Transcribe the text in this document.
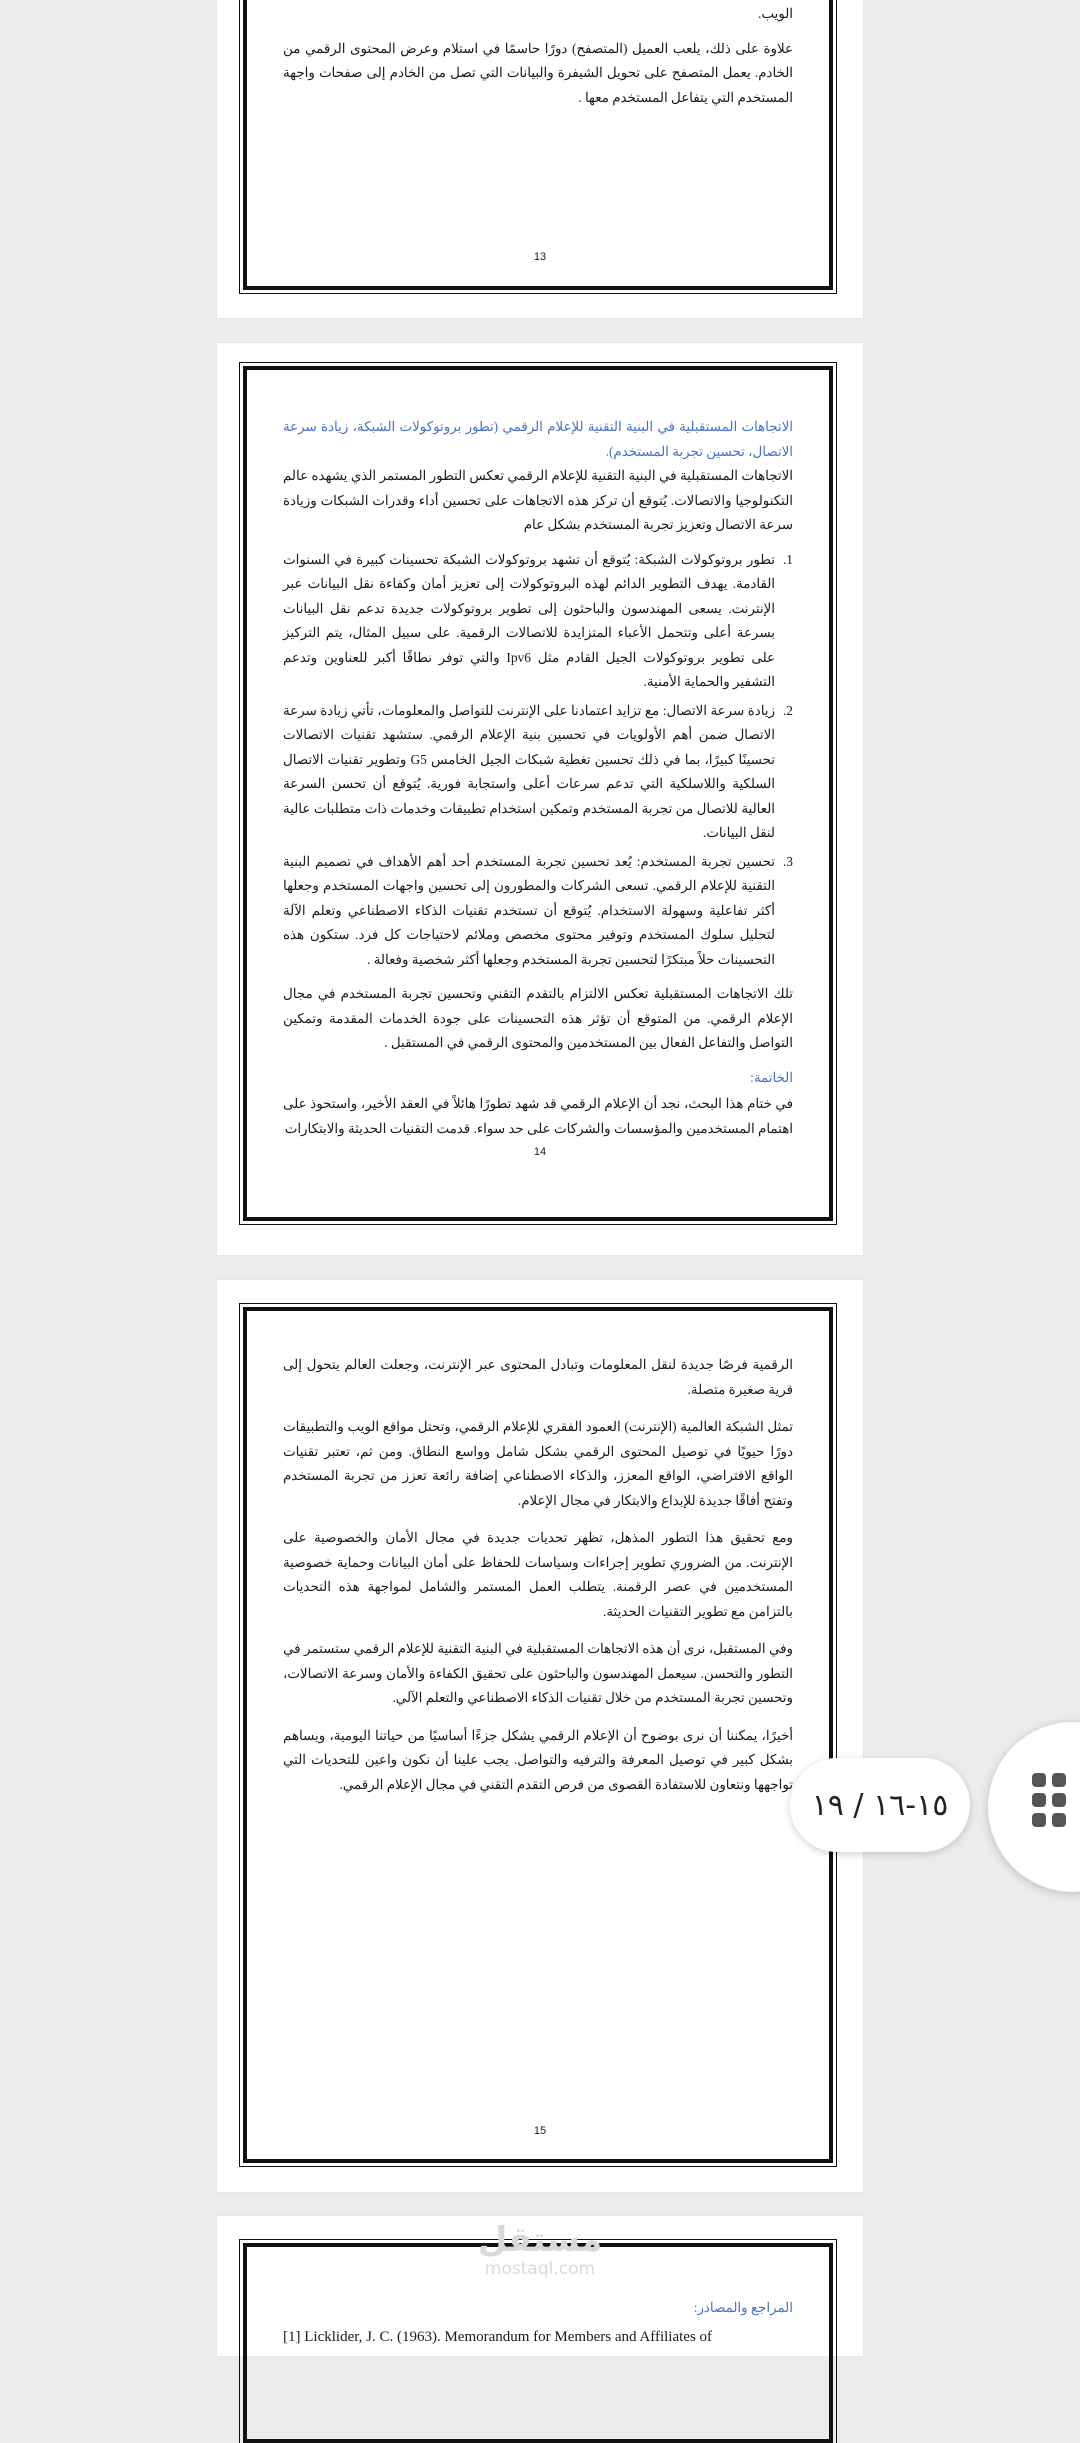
الويب.

علاوة على ذلك، يلعب العميل (المتصفح) دورًا حاسمًا في استلام وعرض المحتوى الرقمي من الخادم. يعمل المتصفح على تحويل الشيفرة والبيانات التي تصل من الخادم إلى صفحات واجهة المستخدم التي يتفاعل المستخدم معها .

13

الاتجاهات المستقبلية في البنية التقنية للإعلام الرقمي (تطور بروتوكولات الشبكة، زيادة سرعة الاتصال، تحسين تجربة المستخدم).

الاتجاهات المستقبلية في البنية التقنية للإعلام الرقمي تعكس التطور المستمر الذي يشهده عالم التكنولوجيا والاتصالات. يُتوقع أن تركز هذه الاتجاهات على تحسين أداء وقدرات الشبكات وزيادة سرعة الاتصال وتعزيز تجربة المستخدم بشكل عام

1.
تطور بروتوكولات الشبكة: يُتوقع أن تشهد بروتوكولات الشبكة تحسينات كبيرة في السنوات القادمة. يهدف التطوير الدائم لهذه البروتوكولات إلى تعزيز أمان وكفاءة نقل البيانات عبر الإنترنت. يسعى المهندسون والباحثون إلى تطوير بروتوكولات جديدة تدعم نقل البيانات بسرعة أعلى وتتحمل الأعباء المتزايدة للاتصالات الرقمية. على سبيل المثال، يتم التركيز على تطوير بروتوكولات الجيل القادم مثل Ipv6 والتي توفر نطاقًا أكبر للعناوين وتدعم التشفير والحماية الأمنية.
2.
زيادة سرعة الاتصال: مع تزايد اعتمادنا على الإنترنت للتواصل والمعلومات، تأتي زيادة سرعة الاتصال ضمن أهم الأولويات في تحسين بنية الإعلام الرقمي. ستشهد تقنيات الاتصالات تحسينًا كبيرًا، بما في ذلك تحسين تغطية شبكات الجيل الخامس G5 وتطوير تقنيات الاتصال السلكية واللاسلكية التي تدعم سرعات أعلى واستجابة فورية. يُتوقع أن تحسن السرعة العالية للاتصال من تجربة المستخدم وتمكين استخدام تطبيقات وخدمات ذات متطلبات عالية لنقل البيانات.
3.
تحسين تجربة المستخدم: يُعد تحسين تجربة المستخدم أحد أهم الأهداف في تصميم البنية التقنية للإعلام الرقمي. تسعى الشركات والمطورون إلى تحسين واجهات المستخدم وجعلها أكثر تفاعلية وسهولة الاستخدام. يُتوقع أن تستخدم تقنيات الذكاء الاصطناعي وتعلم الآلة لتحليل سلوك المستخدم وتوفير محتوى مخصص وملائم لاحتياجات كل فرد. ستكون هذه التحسينات حلاً مبتكرًا لتحسين تجربة المستخدم وجعلها أكثر شخصية وفعالة .

تلك الاتجاهات المستقبلية تعكس الالتزام بالتقدم التقني وتحسين تجربة المستخدم في مجال الإعلام الرقمي. من المتوقع أن تؤثر هذه التحسينات على جودة الخدمات المقدمة وتمكين التواصل والتفاعل الفعال بين المستخدمين والمحتوى الرقمي في المستقبل .

الخاتمة:

في ختام هذا البحث، نجد أن الإعلام الرقمي قد شهد تطورًا هائلاً في العقد الأخير، واستحوذ على اهتمام المستخدمين والمؤسسات والشركات على حد سواء. قدمت التقنيات الحديثة والابتكارات

14

الرقمية فرصًا جديدة لنقل المعلومات وتبادل المحتوى عبر الإنترنت، وجعلت العالم يتحول إلى قرية صغيرة متصلة.

تمثل الشبكة العالمية (الإنترنت) العمود الفقري للإعلام الرقمي، وتحتل مواقع الويب والتطبيقات دورًا حيويًا في توصيل المحتوى الرقمي بشكل شامل وواسع النطاق. ومن ثم، تعتبر تقنيات الواقع الافتراضي، الواقع المعزز، والذكاء الاصطناعي إضافة رائعة تعزز من تجربة المستخدم وتفتح أفاقًا جديدة للإبداع والابتكار في مجال الإعلام.

ومع تحقيق هذا التطور المذهل، تظهر تحديات جديدة في مجال الأمان والخصوصية على الإنترنت. من الضروري تطوير إجراءات وسياسات للحفاظ على أمان البيانات وحماية خصوصية المستخدمين في عصر الرقمنة. يتطلب العمل المستمر والشامل لمواجهة هذه التحديات بالتزامن مع تطوير التقنيات الحديثة.

وفي المستقبل، نرى أن هذه الاتجاهات المستقبلية في البنية التقنية للإعلام الرقمي ستستمر في التطور والتحسن. سيعمل المهندسون والباحثون على تحقيق الكفاءة والأمان وسرعة الاتصالات، وتحسين تجربة المستخدم من خلال تقنيات الذكاء الاصطناعي والتعلم الآلي.

أخيرًا، يمكننا أن نرى بوضوح أن الإعلام الرقمي يشكل جزءًا أساسيًا من حياتنا اليومية، ويساهم بشكل كبير في توصيل المعرفة والترفيه والتواصل. يجب علينا أن نكون واعين للتحديات التي تواجهها ونتعاون للاستفادة القصوى من فرص التقدم التقني في مجال الإعلام الرقمي.

15

المراجع والمصادر:

[1] Licklider, J. C. (1963). Memorandum for Members and Affiliates of

مستقل
mostaql.com
١٥-١٦ / ١٩
